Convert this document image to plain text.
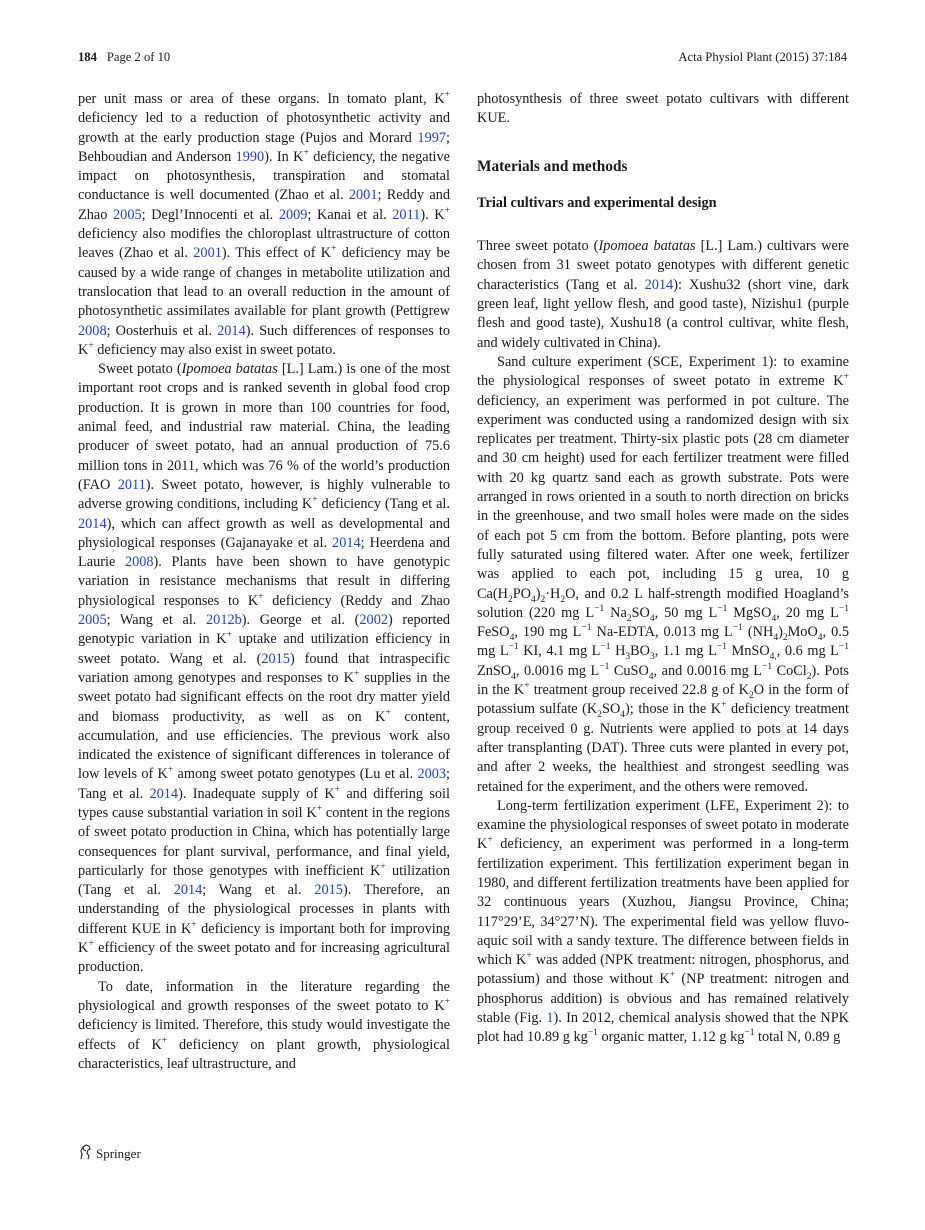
184 Page 2 of 10	Acta Physiol Plant (2015) 37:184

per unit mass or area of these organs. In tomato plant, K+ deficiency led to a reduction of photosynthetic activity and growth at the early production stage (Pujos and Morard 1997; Behboudian and Anderson 1990). In K+ deficiency, the negative impact on photosynthesis, transpiration and stomatal conductance is well documented (Zhao et al. 2001; Reddy and Zhao 2005; Degl’Innocenti et al. 2009; Kanai et al. 2011). K+ deficiency also modifies the chloroplast ultrastructure of cotton leaves (Zhao et al. 2001). This effect of K+ deficiency may be caused by a wide range of changes in metabolite utilization and translocation that lead to an overall reduction in the amount of photosynthetic assimilates available for plant growth (Pettigrew 2008; Oosterhuis et al. 2014). Such differences of responses to K+ deficiency may also exist in sweet potato.

Sweet potato (Ipomoea batatas [L.] Lam.) is one of the most important root crops and is ranked seventh in global food crop production. It is grown in more than 100 countries for food, animal feed, and industrial raw material. China, the leading producer of sweet potato, had an annual production of 75.6 million tons in 2011, which was 76 % of the world’s production (FAO 2011). Sweet potato, however, is highly vulnerable to adverse growing conditions, including K+ deficiency (Tang et al. 2014), which can affect growth as well as developmental and physiological responses (Gajanayake et al. 2014; Heerdena and Laurie 2008). Plants have been shown to have genotypic variation in resistance mechanisms that result in differing physiological responses to K+ deficiency (Reddy and Zhao 2005; Wang et al. 2012b). George et al. (2002) reported genotypic variation in K+ uptake and utilization efficiency in sweet potato. Wang et al. (2015) found that intraspecific variation among genotypes and responses to K+ supplies in the sweet potato had significant effects on the root dry matter yield and biomass productivity, as well as on K+ content, accumulation, and use efficiencies. The previous work also indicated the existence of significant differences in tolerance of low levels of K+ among sweet potato genotypes (Lu et al. 2003; Tang et al. 2014). Inadequate supply of K+ and differing soil types cause substantial variation in soil K+ content in the regions of sweet potato production in China, which has potentially large consequences for plant survival, performance, and final yield, particularly for those genotypes with inefficient K+ utilization (Tang et al. 2014; Wang et al. 2015). Therefore, an understanding of the physiological processes in plants with different KUE in K+ deficiency is important both for improving K+ efficiency of the sweet potato and for increasing agricultural production.

To date, information in the literature regarding the physiological and growth responses of the sweet potato to K+ deficiency is limited. Therefore, this study would investigate the effects of K+ deficiency on plant growth, physiological characteristics, leaf ultrastructure, and

photosynthesis of three sweet potato cultivars with different KUE.

Materials and methods
Trial cultivars and experimental design

Three sweet potato (Ipomoea batatas [L.] Lam.) cultivars were chosen from 31 sweet potato genotypes with different genetic characteristics (Tang et al. 2014): Xushu32 (short vine, dark green leaf, light yellow flesh, and good taste), Nizishu1 (purple flesh and good taste), Xushu18 (a control cultivar, white flesh, and widely cultivated in China).

Sand culture experiment (SCE, Experiment 1): to examine the physiological responses of sweet potato in extreme K+ deficiency, an experiment was performed in pot culture. The experiment was conducted using a randomized design with six replicates per treatment. Thirty-six plastic pots (28 cm diameter and 30 cm height) used for each fertilizer treatment were filled with 20 kg quartz sand each as growth substrate. Pots were arranged in rows oriented in a south to north direction on bricks in the greenhouse, and two small holes were made on the sides of each pot 5 cm from the bottom. Before planting, pots were fully saturated using filtered water. After one week, fertilizer was applied to each pot, including 15 g urea, 10 g $Ca(H_2PO_4)_2\cdot H_2O$, and 0.2 L half-strength modified Hoagland’s solution (220 mg $L^{-1}$ $Na_2SO_4$, 50 mg $L^{-1}$ MgSO$_4$, 20 mg $L^{-1}$ FeSO$_4$, 190 mg $L^{-1}$ Na-EDTA, 0.013 mg $L^{-1}$ $(NH_4)_2MoO_4$, 0.5 mg $L^{-1}$ KI, 4.1 mg $L^{-1}$ $H_3BO_3$, 1.1 mg $L^{-1}$ MnSO$_{4,}$, 0.6 mg $L^{-1}$ ZnSO$_4$, 0.0016 mg $L^{-1}$ CuSO$_4$, and 0.0016 mg $L^{-1}$ CoCl$_2$). Pots in the K+ treatment group received 22.8 g of $K_2O$ in the form of potassium sulfate $(K_2SO_4)$; those in the K+ deficiency treatment group received 0 g. Nutrients were applied to pots at 14 days after transplanting (DAT). Three cuts were planted in every pot, and after 2 weeks, the healthiest and strongest seedling was retained for the experiment, and the others were removed.

Long-term fertilization experiment (LFE, Experiment 2): to examine the physiological responses of sweet potato in moderate K+ deficiency, an experiment was performed in a long-term fertilization experiment. This fertilization experiment began in 1980, and different fertilization treatments have been applied for 32 continuous years (Xuzhou, Jiangsu Province, China; 117°29’E, 34°27’N). The experimental field was yellow fluvo-aquic soil with a sandy texture. The difference between fields in which K+ was added (NPK treatment: nitrogen, phosphorus, and potassium) and those without K+ (NP treatment: nitrogen and phosphorus addition) is obvious and has remained relatively stable (Fig. 1). In 2012, chemical analysis showed that the NPK plot had 10.89 g $kg^{-1}$ organic matter, 1.12 g $kg^{-1}$ total N, 0.89 g

Springer
